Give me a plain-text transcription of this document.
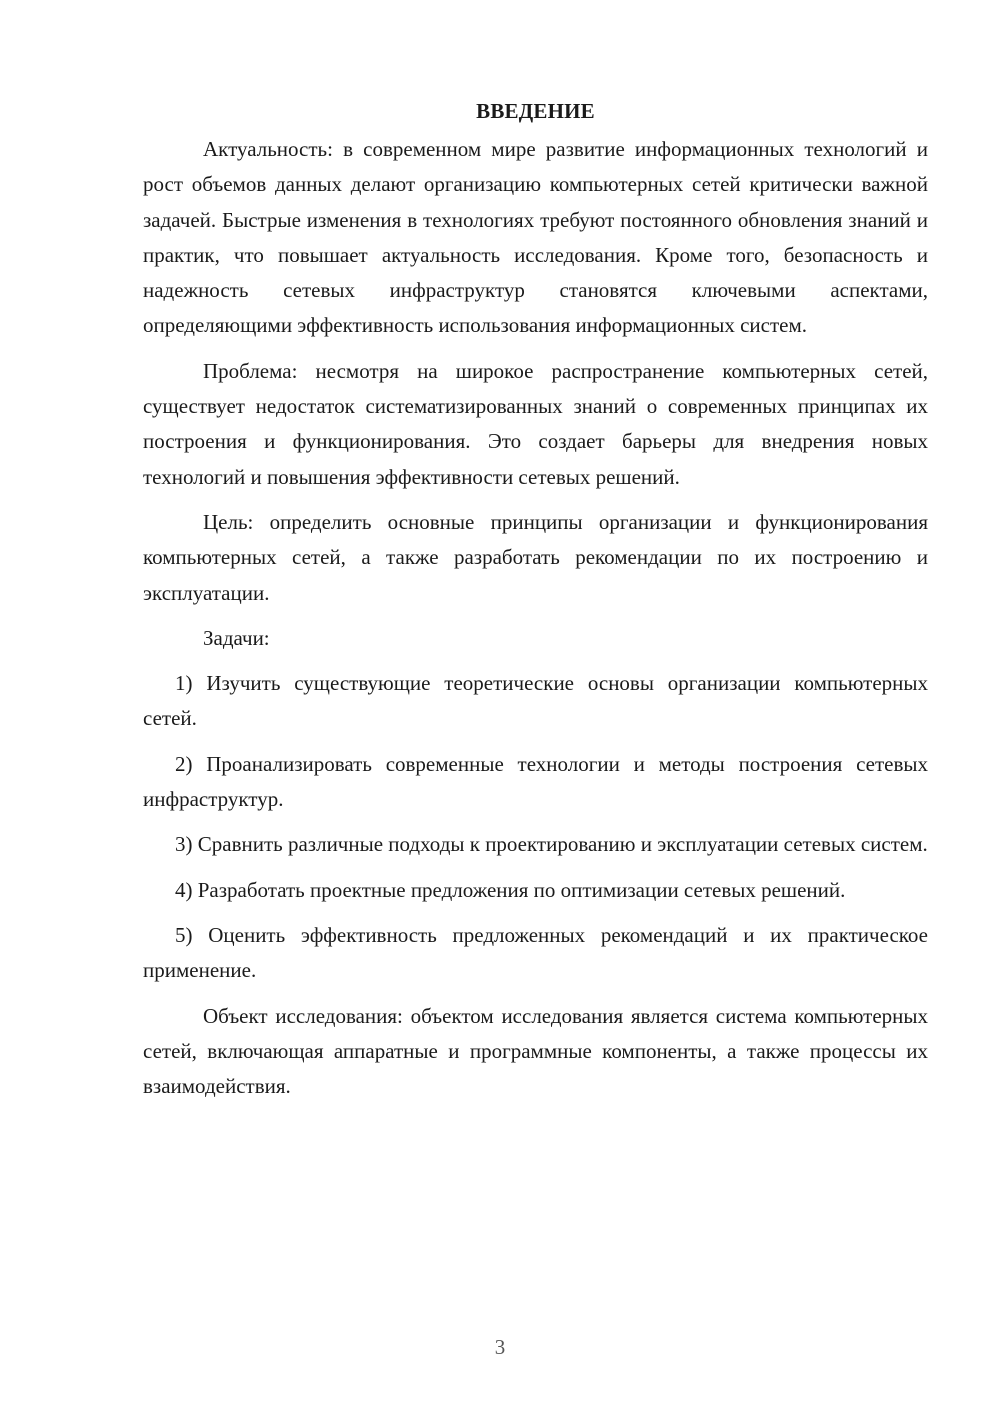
ВВЕДЕНИЕ

Актуальность: в современном мире развитие информационных технологий и рост объемов данных делают организацию компьютерных сетей критически важной задачей. Быстрые изменения в технологиях требуют постоянного обновления знаний и практик, что повышает актуальность исследования. Кроме того, безопасность и надежность сетевых инфраструктур становятся ключевыми аспектами, определяющими эффективность использования информационных систем.

Проблема: несмотря на широкое распространение компьютерных сетей, существует недостаток систематизированных знаний о современных принципах их построения и функционирования. Это создает барьеры для внедрения новых технологий и повышения эффективности сетевых решений.

Цель: определить основные принципы организации и функционирования компьютерных сетей, а также разработать рекомендации по их построению и эксплуатации.

Задачи:

1) Изучить существующие теоретические основы организации компьютерных сетей.

2) Проанализировать современные технологии и методы построения сетевых инфраструктур.

3) Сравнить различные подходы к проектированию и эксплуатации сетевых систем.

4) Разработать проектные предложения по оптимизации сетевых решений.

5) Оценить эффективность предложенных рекомендаций и их практическое применение.

Объект исследования: объектом исследования является система компьютерных сетей, включающая аппаратные и программные компоненты, а также процессы их взаимодействия.

3
